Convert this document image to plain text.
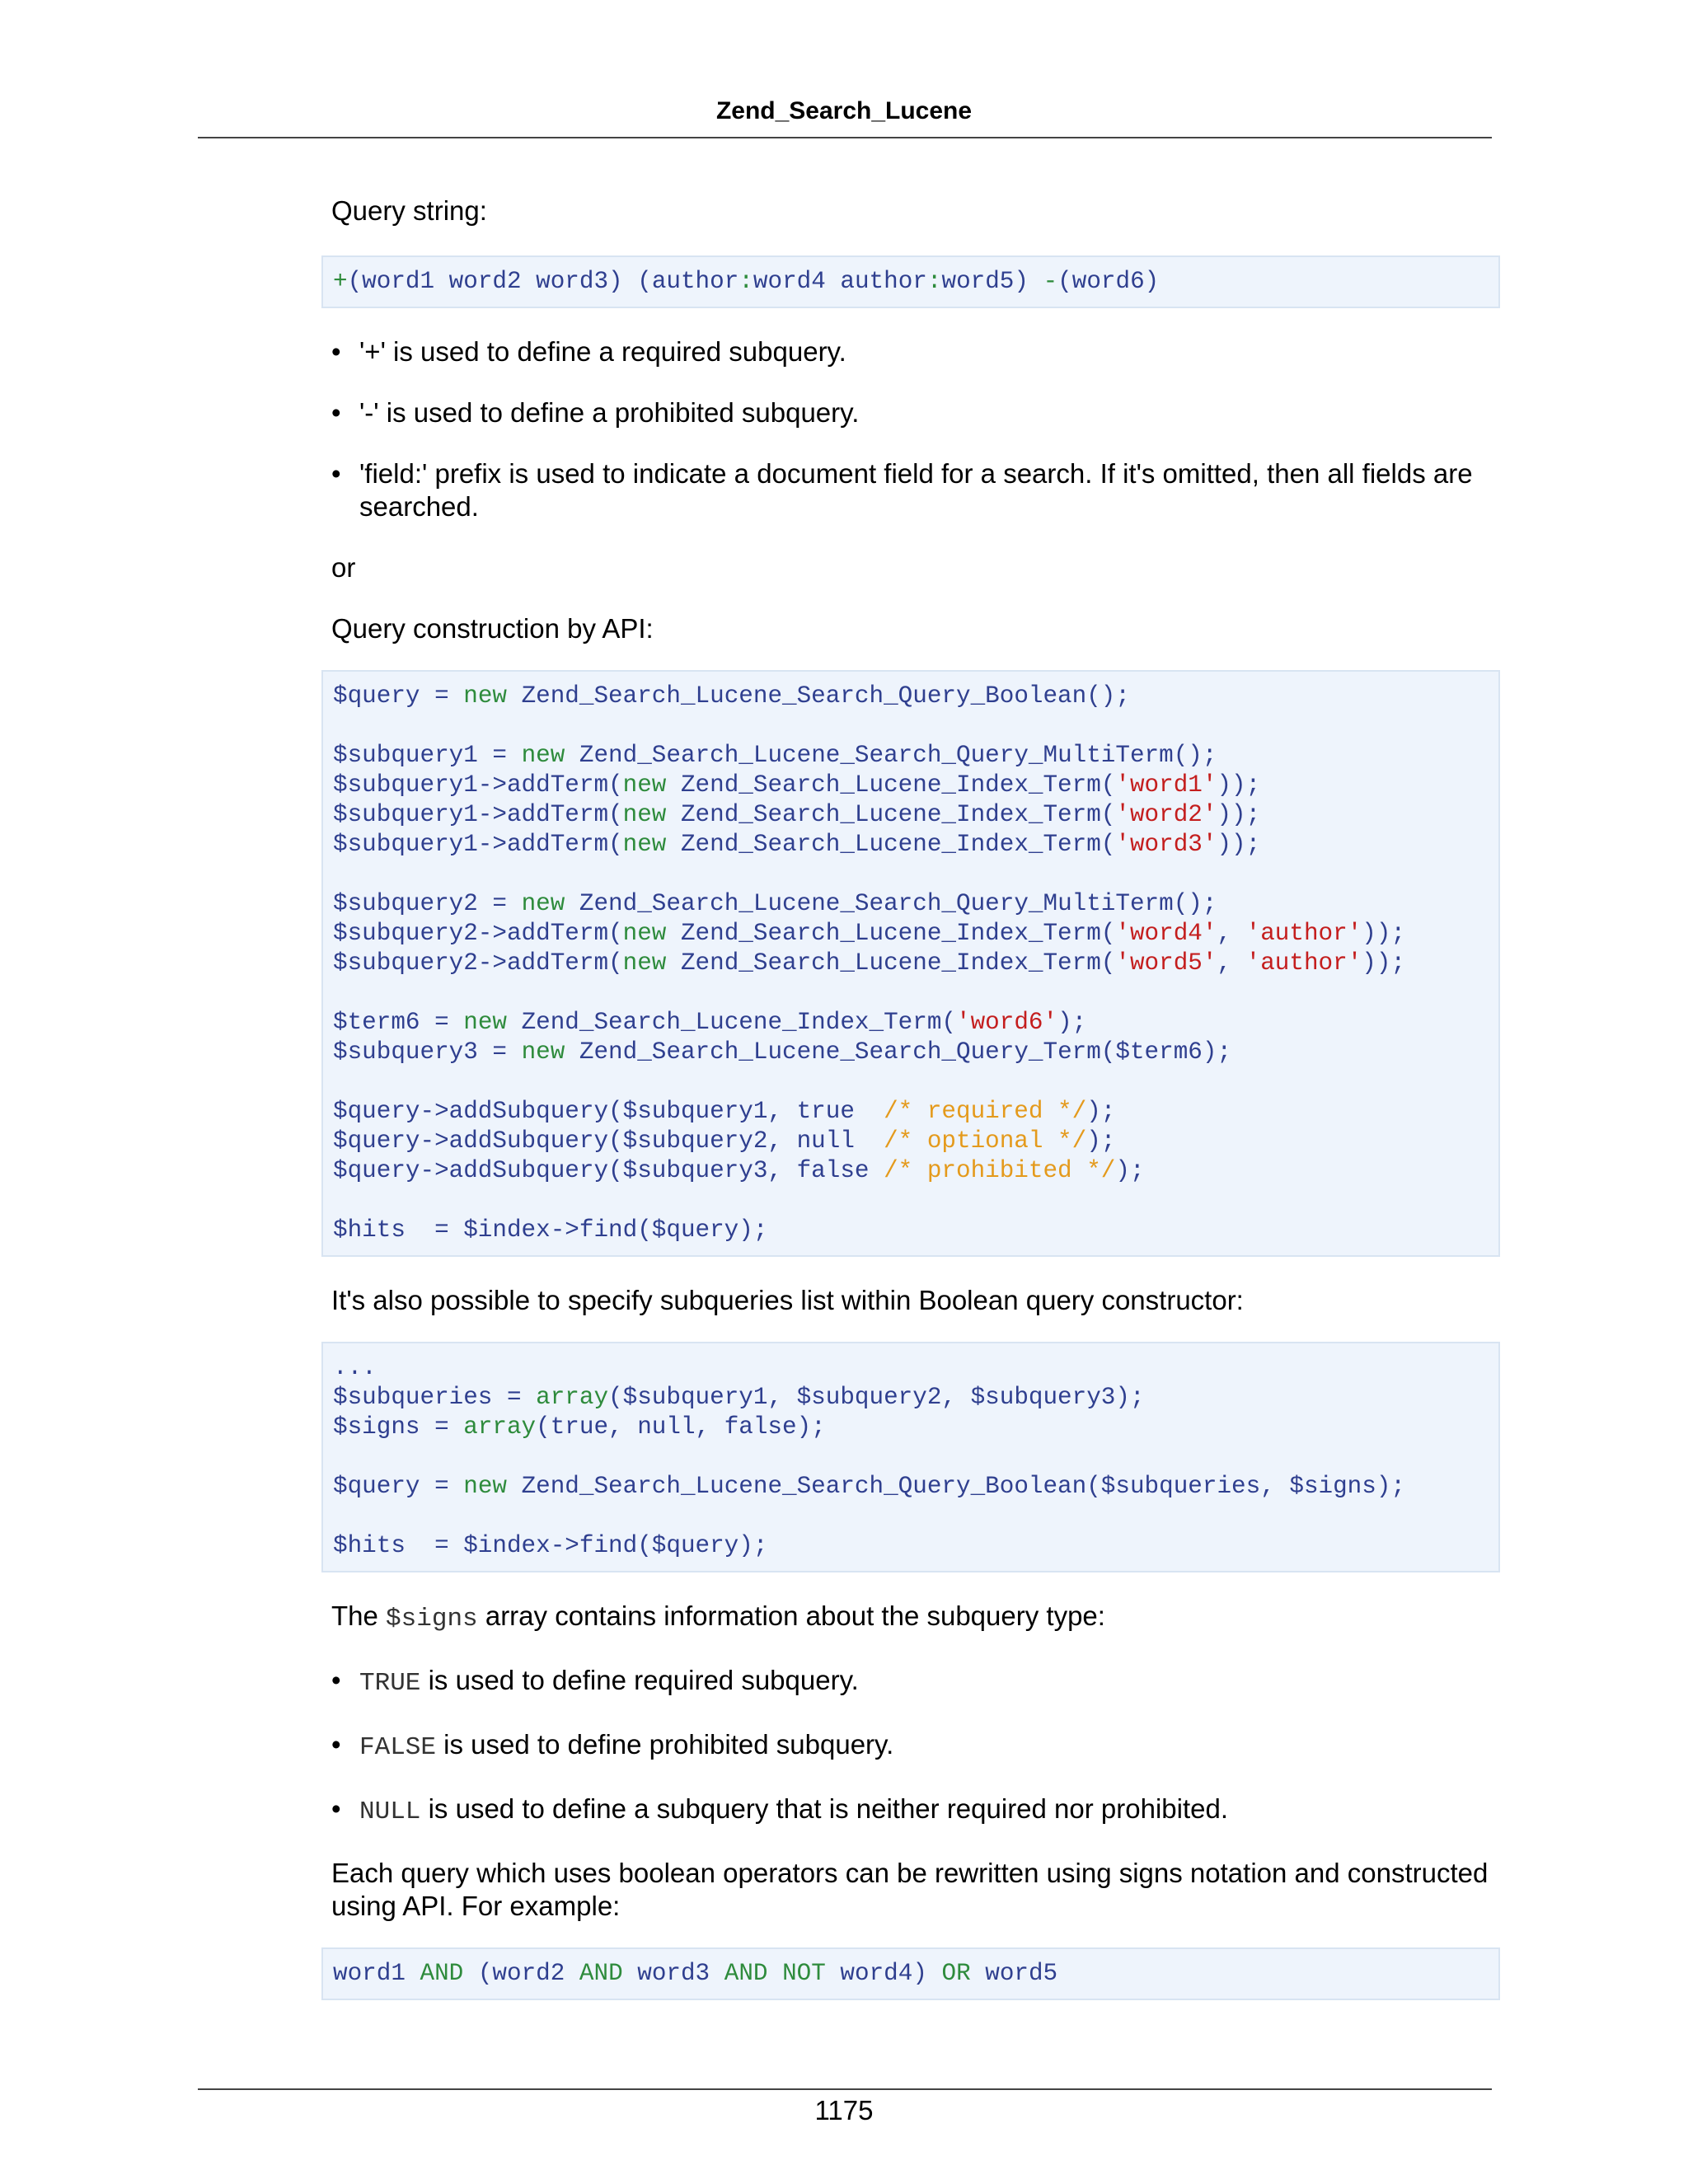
Zend_Search_Lucene

Query string:

+(word1 word2 word3) (author:word4 author:word5) -(word6)
• '+' is used to define a required subquery.
• '-' is used to define a prohibited subquery.
• 'field:' prefix is used to indicate a document field for a search. If it's omitted, then all fields are searched.

or

Query construction by API:

$query = new Zend_Search_Lucene_Search_Query_Boolean();
$subquery1 = new Zend_Search_Lucene_Search_Query_MultiTerm();
$subquery1->addTerm(new Zend_Search_Lucene_Index_Term('word1'));
$subquery1->addTerm(new Zend_Search_Lucene_Index_Term('word2'));
$subquery1->addTerm(new Zend_Search_Lucene_Index_Term('word3'));
$subquery2 = new Zend_Search_Lucene_Search_Query_MultiTerm();
$subquery2->addTerm(new Zend_Search_Lucene_Index_Term('word4', 'author'));
$subquery2->addTerm(new Zend_Search_Lucene_Index_Term('word5', 'author'));
$term6 = new Zend_Search_Lucene_Index_Term('word6');
$subquery3 = new Zend_Search_Lucene_Search_Query_Term($term6);
$query->addSubquery($subquery1, true  /* required */);
$query->addSubquery($subquery2, null  /* optional */);
$query->addSubquery($subquery3, false /* prohibited */);
$hits  = $index->find($query);

It's also possible to specify subqueries list within Boolean query constructor:

...
$subqueries = array($subquery1, $subquery2, $subquery3);
$signs = array(true, null, false);
$query = new Zend_Search_Lucene_Search_Query_Boolean($subqueries, $signs);
$hits  = $index->find($query);

The $signs array contains information about the subquery type:

• TRUE is used to define required subquery.
• FALSE is used to define prohibited subquery.
• NULL is used to define a subquery that is neither required nor prohibited.

Each query which uses boolean operators can be rewritten using signs notation and constructed using API. For example:

word1 AND (word2 AND word3 AND NOT word4) OR word5
1175
